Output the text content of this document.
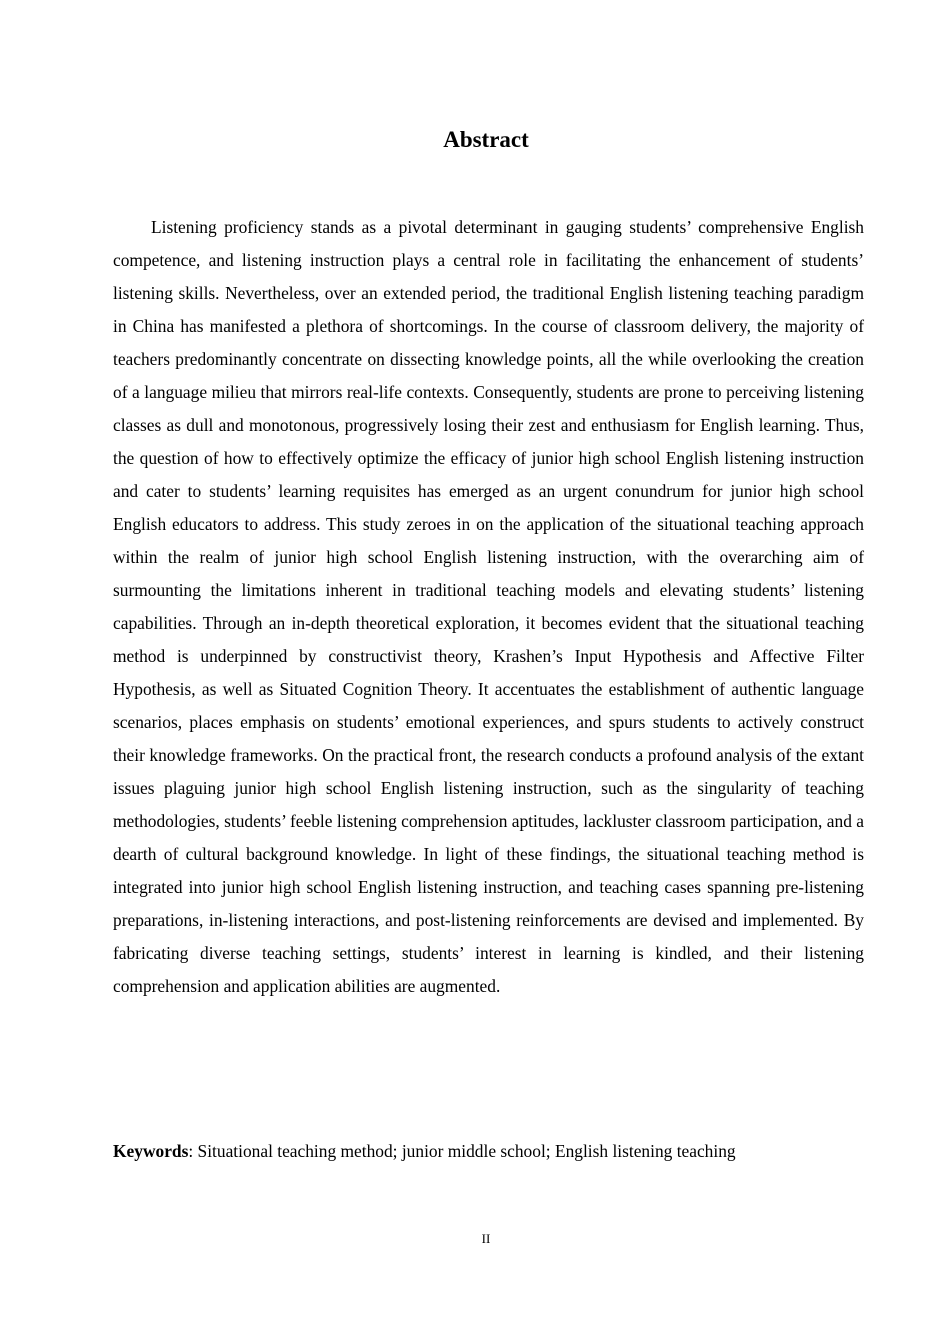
Abstract

Listening proficiency stands as a pivotal determinant in gauging students’ comprehensive English competence, and listening instruction plays a central role in facilitating the enhancement of students’ listening skills. Nevertheless, over an extended period, the traditional English listening teaching paradigm in China has manifested a plethora of shortcomings. In the course of classroom delivery, the majority of teachers predominantly concentrate on dissecting knowledge points, all the while overlooking the creation of a language milieu that mirrors real-life contexts. Consequently, students are prone to perceiving listening classes as dull and monotonous, progressively losing their zest and enthusiasm for English learning. Thus, the question of how to effectively optimize the efficacy of junior high school English listening instruction and cater to students’ learning requisites has emerged as an urgent conundrum for junior high school English educators to address. This study zeroes in on the application of the situational teaching approach within the realm of junior high school English listening instruction, with the overarching aim of surmounting the limitations inherent in traditional teaching models and elevating students’ listening capabilities. Through an in-depth theoretical exploration, it becomes evident that the situational teaching method is underpinned by constructivist theory, Krashen’s Input Hypothesis and Affective Filter Hypothesis, as well as Situated Cognition Theory. It accentuates the establishment of authentic language scenarios, places emphasis on students’ emotional experiences, and spurs students to actively construct their knowledge frameworks. On the practical front, the research conducts a profound analysis of the extant issues plaguing junior high school English listening instruction, such as the singularity of teaching methodologies, students’ feeble listening comprehension aptitudes, lackluster classroom participation, and a dearth of cultural background knowledge. In light of these findings, the situational teaching method is integrated into junior high school English listening instruction, and teaching cases spanning pre-listening preparations, in-listening interactions, and post-listening reinforcements are devised and implemented. By fabricating diverse teaching settings, students’ interest in learning is kindled, and their listening comprehension and application abilities are augmented.

Keywords: Situational teaching method; junior middle school; English listening teaching

II
